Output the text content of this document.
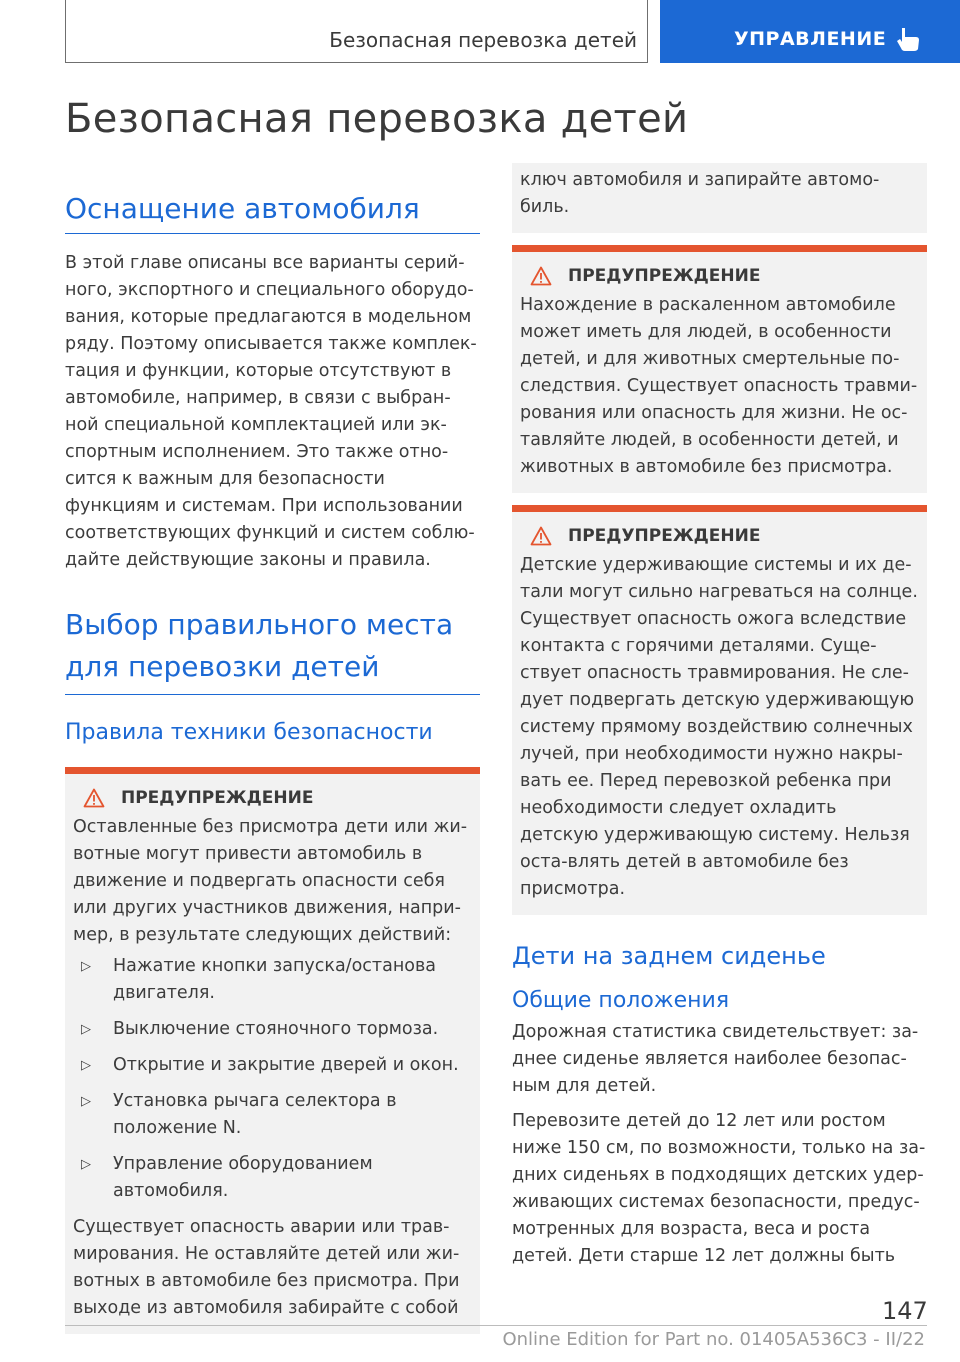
Безопасная перевозка детей	УПРАВЛЕНИЕ
Безопасная перевозка детей
Оснащение автомобиля

В этой главе описаны все варианты серий-ного, экспортного и специального оборудо-вания, которые предлагаются в модельном ряду. Поэтому описывается также комплек-тация и функции, которые отсутствуют в автомобиле, например, в связи с выбран-ной специальной комплектацией или эк-спортным исполнением. Это также отно-сится к важным для безопасности функциям и системам. При использовании соответствующих функций и систем соблю-дайте действующие законы и правила.

Выбор правильного места для перевозки детей
Правила техники безопасности
ПРЕДУПРЕЖДЕНИЕ

Оставленные без присмотра дети или жи-вотные могут привести автомобиль в движение и подвергать опасности себя или других участников движения, напри-мер, в результате следующих действий:

▷	Нажатие кнопки запуска/останова двигателя.
▷	Выключение стояночного тормоза.
▷	Открытие и закрытие дверей и окон.
▷	Установка рычага селектора в положение N.
▷	Управление оборудованием автомобиля.

Существует опасность аварии или трав-мирования. Не оставляйте детей или жи-вотных в автомобиле без присмотра. При выходе из автомобиля забирайте с собой

ключ автомобиля и запирайте автомо-биль.

ПРЕДУПРЕЖДЕНИЕ

Нахождение в раскаленном автомобиле может иметь для людей, в особенности детей, и для животных смертельные по-следствия. Существует опасность травми-рования или опасность для жизни. Не ос-тавляйте людей, в особенности детей, и животных в автомобиле без присмотра.

ПРЕДУПРЕЖДЕНИЕ

Детские удерживающие системы и их де-тали могут сильно нагреваться на солнце. Существует опасность ожога вследствие контакта с горячими деталями. Суще-ствует опасность травмирования. Не сле-дует подвергать детскую удерживающую систему прямому воздействию солнечных лучей, при необходимости нужно накры-вать ее. Перед перевозкой ребенка при необходимости следует охладить детскую удерживающую систему. Нельзя оста-влять детей в автомобиле без присмотра.

Дети на заднем сиденье
Общие положения

Дорожная статистика свидетельствует: за-днее сиденье является наиболее безопас-ным для детей.

Перевозите детей до 12 лет или ростом ниже 150 см, по возможности, только на за-дних сиденьях в подходящих детских удер-живающих системах безопасности, предус-мотренных для возраста, веса и роста детей. Дети старше 12 лет должны быть

147
Online Edition for Part no. 01405A536C3 - II/22
